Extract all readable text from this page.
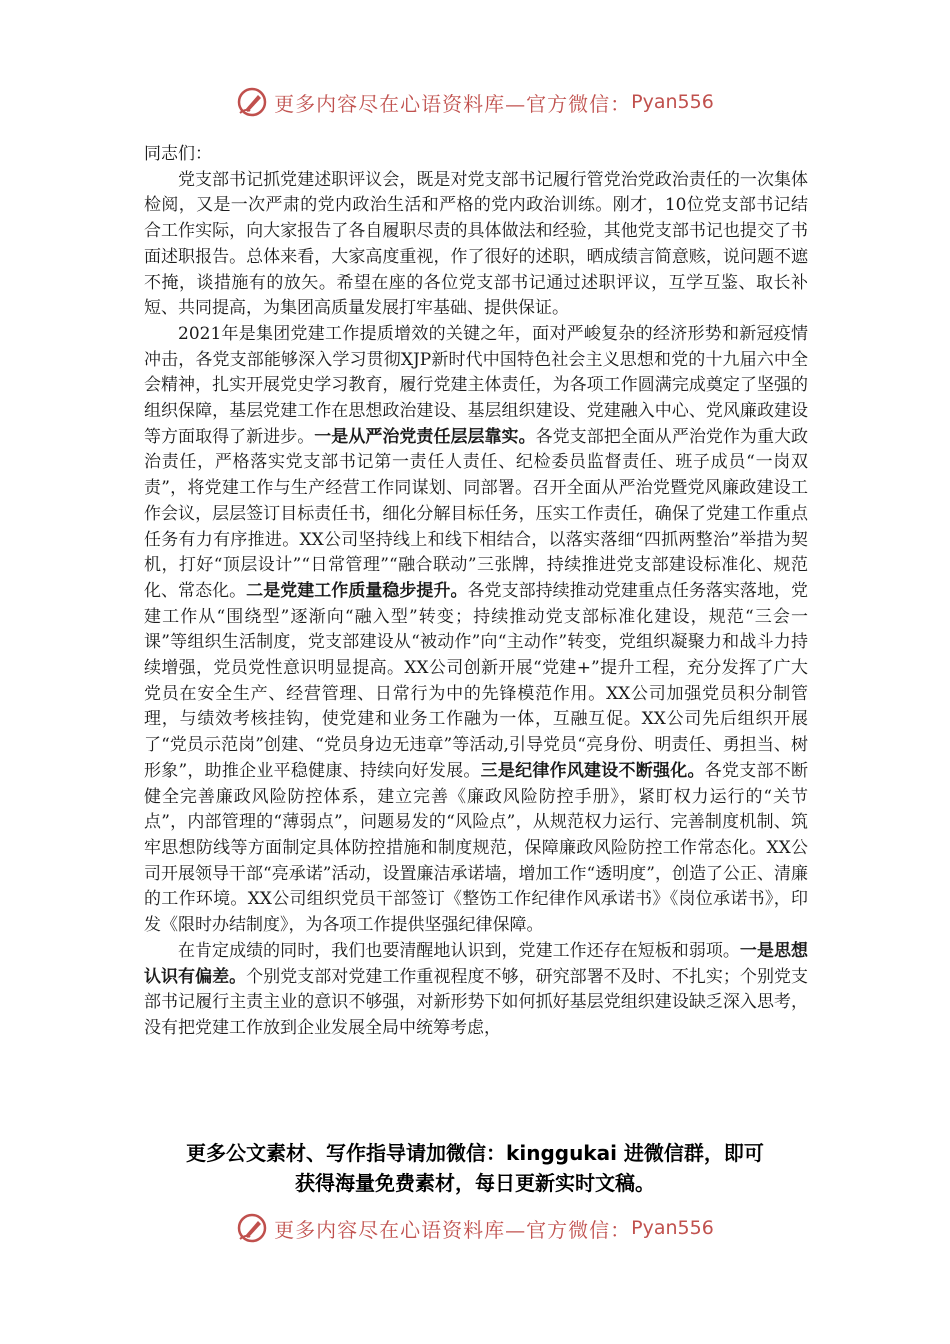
更多内容尽在心语资料库—官方微信： Pyan556

同志们：

党支部书记抓党建述职评议会，既是对党支部书记履行管党治党政治责任的一次集体检阅，又是一次严肃的党内政治生活和严格的党内政治训练。刚才，10位党支部书记结合工作实际，向大家报告了各自履职尽责的具体做法和经验，其他党支部书记也提交了书面述职报告。总体来看，大家高度重视，作了很好的述职，晒成绩言简意赅，说问题不遮不掩，谈措施有的放矢。希望在座的各位党支部书记通过述职评议，互学互鉴、取长补短、共同提高，为集团高质量发展打牢基础、提供保证。

2021年是集团党建工作提质增效的关键之年，面对严峻复杂的经济形势和新冠疫情冲击，各党支部能够深入学习贯彻XJP新时代中国特色社会主义思想和党的十九届六中全会精神，扎实开展党史学习教育，履行党建主体责任，为各项工作圆满完成奠定了坚强的组织保障，基层党建工作在思想政治建设、基层组织建设、党建融入中心、党风廉政建设等方面取得了新进步。一是从严治党责任层层靠实。各党支部把全面从严治党作为重大政治责任，严格落实党支部书记第一责任人责任、纪检委员监督责任、班子成员“一岗双责”，将党建工作与生产经营工作同谋划、同部署。召开全面从严治党暨党风廉政建设工作会议，层层签订目标责任书，细化分解目标任务，压实工作责任，确保了党建工作重点任务有力有序推进。XX公司坚持线上和线下相结合，以落实落细“四抓两整治”举措为契机，打好“顶层设计”“日常管理”“融合联动”三张牌，持续推进党支部建设标准化、规范化、常态化。二是党建工作质量稳步提升。各党支部持续推动党建重点任务落实落地，党建工作从“围绕型”逐渐向“融入型”转变；持续推动党支部标准化建设，规范“三会一课”等组织生活制度，党支部建设从“被动作”向“主动作”转变，党组织凝聚力和战斗力持续增强，党员党性意识明显提高。XX公司创新开展“党建+”提升工程，充分发挥了广大党员在安全生产、经营管理、日常行为中的先锋模范作用。XX公司加强党员积分制管理，与绩效考核挂钩，使党建和业务工作融为一体，互融互促。XX公司先后组织开展了“党员示范岗”创建、“党员身边无违章”等活动,引导党员“亮身份、明责任、勇担当、树形象”，助推企业平稳健康、持续向好发展。三是纪律作风建设不断强化。各党支部不断健全完善廉政风险防控体系，建立完善《廉政风险防控手册》，紧盯权力运行的“关节点”，内部管理的“薄弱点”，问题易发的“风险点”，从规范权力运行、完善制度机制、筑牢思想防线等方面制定具体防控措施和制度规范，保障廉政风险防控工作常态化。XX公司开展领导干部“亮承诺”活动，设置廉洁承诺墙，增加工作“透明度”，创造了公正、清廉的工作环境。XX公司组织党员干部签订《整饬工作纪律作风承诺书》《岗位承诺书》，印发《限时办结制度》，为各项工作提供坚强纪律保障。

在肯定成绩的同时，我们也要清醒地认识到，党建工作还存在短板和弱项。一是思想认识有偏差。个别党支部对党建工作重视程度不够，研究部署不及时、不扎实；个别党支部书记履行主责主业的意识不够强，对新形势下如何抓好基层党组织建设缺乏深入思考，没有把党建工作放到企业发展全局中统筹考虑，

更多公文素材、写作指导请加微信：kinggukai 进微信群，即可
获得海量免费素材，每日更新实时文稿。
更多内容尽在心语资料库—官方微信： Pyan556
